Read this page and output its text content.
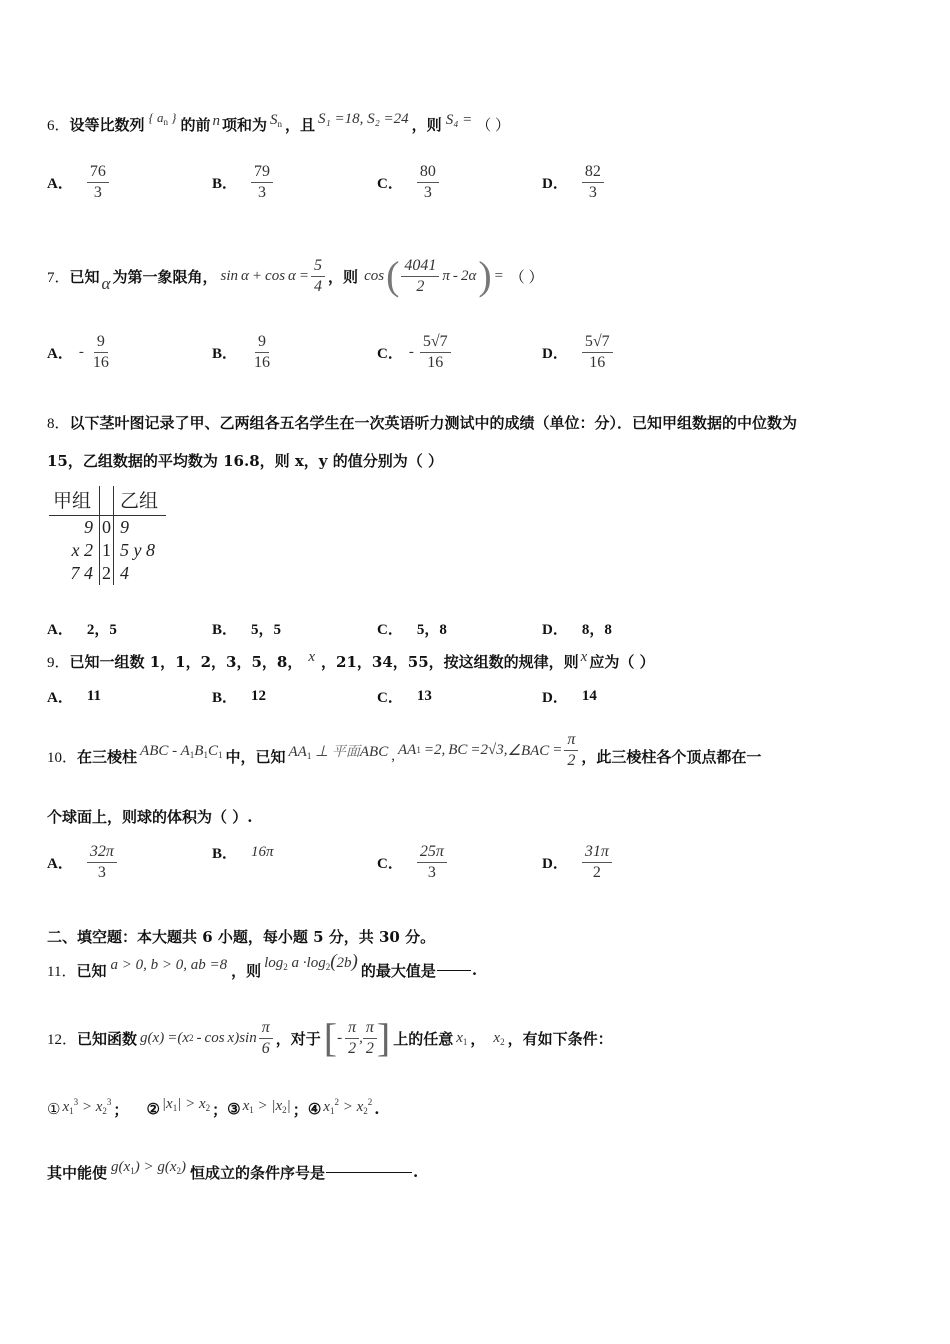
6． 设等比数列 { $a_n$ } 的前 n 项和为 $S_n$ ，且 S₁ =18, S₂ =24 ，则 S₄ = （ ）
A． $\frac{76}{3}$	B． $\frac{79}{3}$	C． $\frac{80}{3}$	D． $\frac{82}{3}$
7． 已知 α 为第一象限角， sin  α  +
  $\cos \alpha = \frac{5}{4}$ ，则 cos ( $\frac{4041}{2}$  π  -
  2 α ) = （ ）
A． - $\frac{9}{16}$	B． $\frac{9}{16}$	C． - $\frac{5√7}{16}$	D． $\frac{5√7}{16}$
8．以下茎叶图记录了甲、乙两组各五名学生在一次英语听力测试中的成绩（单位：分）．已知甲组数据的中位数为
15，乙组数据的平均数为 16.8，则 x，y 的值分别为（ ）
甲组		乙组
9	0	9
x 2	1	5 y 8
7 4	2	4
A． 2，5	B． 5，5	C． 5，8	D． 8，8
9． 已知一组数 1，1，2，3，5，8， x ，21，34，55，按这组数的规律，则 x 应为（ ）
A． 11	B． 12	C． 13	D． 14
10． 在三棱柱 ABC - $A_1B_1C_1$ 中，已知 $AA_1$ ⊥ 平面ABC , AA 1
  =2,  BC  =2√3, ∠BAC  = $\frac{\pi}{2}$ ，此三棱柱各个顶点都在一
个球面上，则球的体积为（ ）.
A． $\frac{32\pi}{3}$	B． 16π
C． $\frac{25\pi}{3}$	D． $\frac{31\pi}{2}$
二、填空题：本大题共 6 小题，每小题 5 分，共 30 分。
11． 已知 a > 0, b > 0, ab =8 ，则 $\log_2 a \cdot\log_2(2b)$ 的最大值是 .
12． 已知函数 g ( x )
  =( x 2
  -
  cos  x )$\sin \frac{\pi}{6}$ ，对于 [ -
  $\frac{\pi}{2}$ , $\frac{\pi}{2}$ ] 上的任意 $x_1$ ， $x_2$ ，有如下条件：
① $x_1^3 > x_2^3$ ； ② $|x_1| > x_2$ ； ③ $x_1 > |x_2|$ ； ④ $x_1^2 > x_2^2$ .
其中能使 $g(x_1) > g(x_2)$ 恒成立的条件序号是	.
